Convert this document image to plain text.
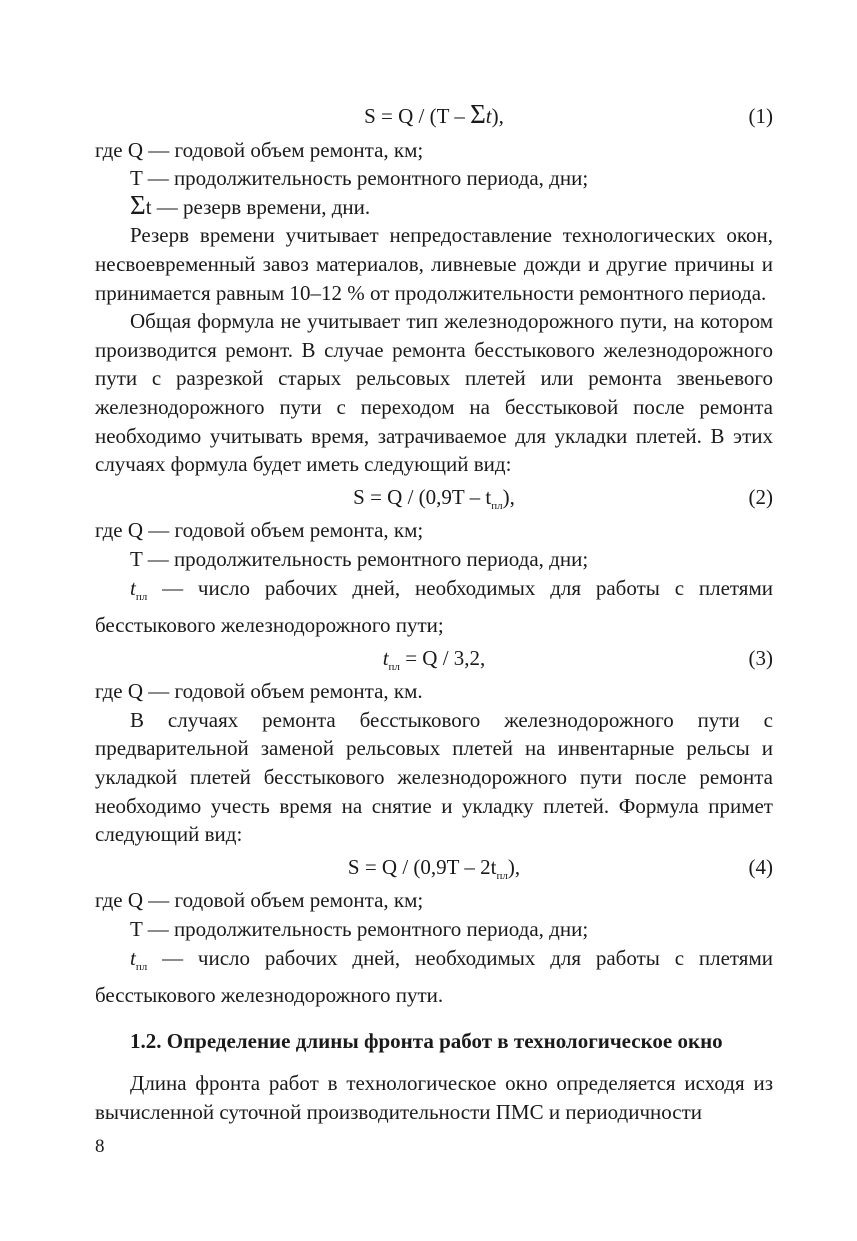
S = Q / (T – Σt),	(1)
где Q — годовой объем ремонта, км;
T — продолжительность ремонтного периода, дни;
Σt — резерв времени, дни.

Резерв времени учитывает непредоставление технологических окон, несвоевременный завоз материалов, ливневые дожди и другие причины и принимается равным 10–12 % от продолжительности ремонтного периода.

Общая формула не учитывает тип железнодорожного пути, на котором производится ремонт. В случае ремонта бесстыкового железнодорожного пути с разрезкой старых рельсовых плетей или ремонта звеньевого железнодорожного пути с переходом на бесстыковой после ремонта необходимо учитывать время, затрачиваемое для укладки плетей. В этих случаях формула будет иметь следующий вид:

$S = Q / (0,9T - t_{пл})$,	(2)
где Q — годовой объем ремонта, км;
T — продолжительность ремонтного периода, дни;

$t_{пл}$ — число рабочих дней, необходимых для работы с плетями бесстыкового железнодорожного пути;

$t_{пл} = Q / 3,2$,	(3)
где Q — годовой объем ремонта, км.

В случаях ремонта бесстыкового железнодорожного пути с предварительной заменой рельсовых плетей на инвентарные рельсы и укладкой плетей бесстыкового железнодорожного пути после ремонта необходимо учесть время на снятие и укладку плетей. Формула примет следующий вид:

$S = Q / (0,9T - 2t_{пл})$,	(4)
где Q — годовой объем ремонта, км;
T — продолжительность ремонтного периода, дни;

$t_{пл}$ — число рабочих дней, необходимых для работы с плетями бесстыкового железнодорожного пути.

1.2. Определение длины фронта работ в технологическое окно

Длина фронта работ в технологическое окно определяется исходя из вычисленной суточной производительности ПМС и периодичности

8
